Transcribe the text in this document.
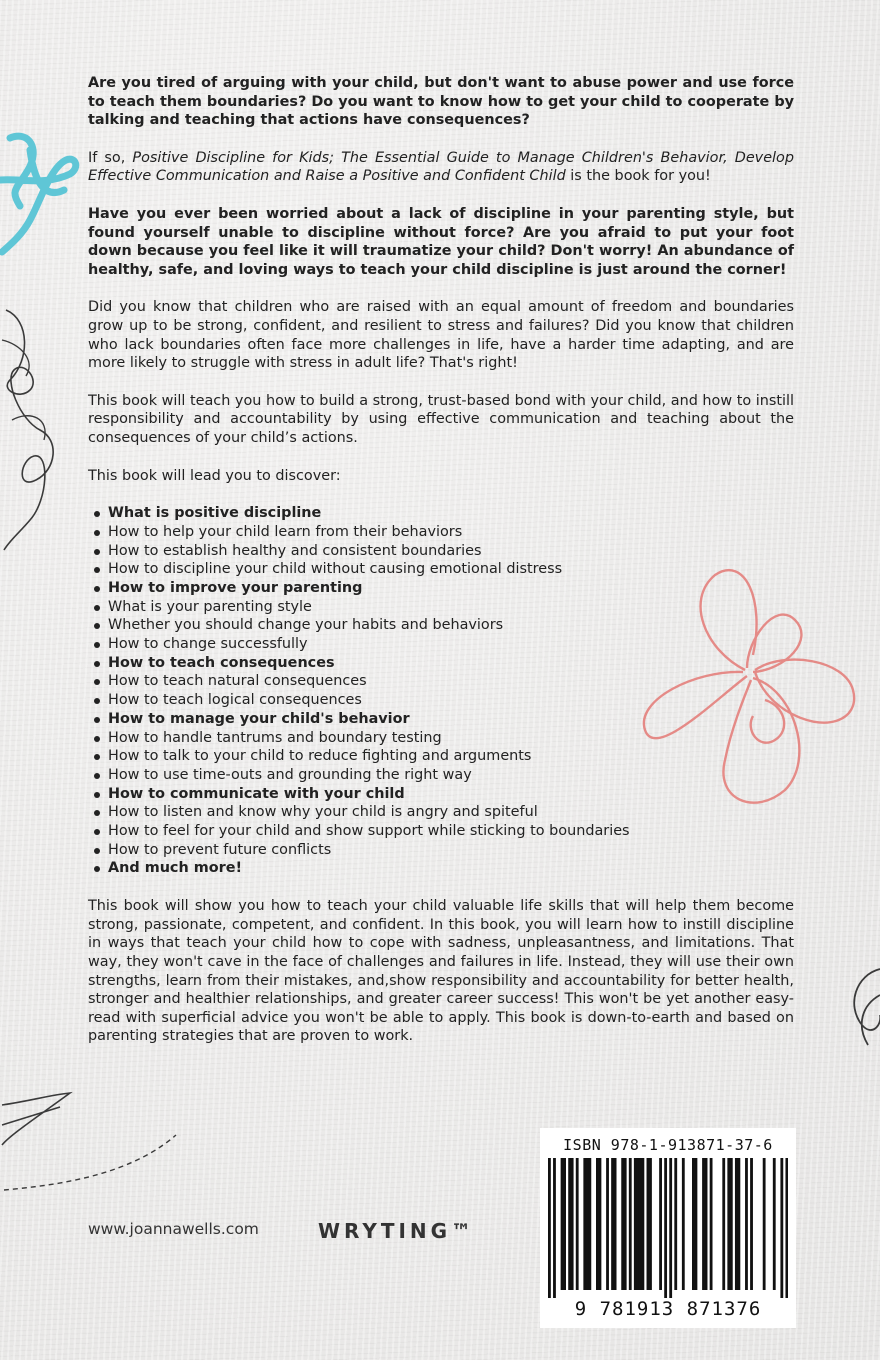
Are you tired of arguing with your child, but don't want to abuse power and use force to teach them boundaries? Do you want to know how to get your child to cooperate by talking and teaching that actions have consequences?

If so, Positive Discipline for Kids; The Essential Guide to Manage Children's Behavior, Develop Effective Communication and Raise a Positive and Confident Child is the book for you!

Have you ever been worried about a lack of discipline in your parenting style, but found yourself unable to discipline without force? Are you afraid to put your foot down because you feel like it will traumatize your child? Don't worry! An abundance of healthy, safe, and loving ways to teach your child discipline is just around the corner!

Did you know that children who are raised with an equal amount of freedom and boundaries grow up to be strong, confident, and resilient to stress and failures? Did you know that children who lack boundaries often face more challenges in life, have a harder time adapting, and are more likely to struggle with stress in adult life? That's right!

This book will teach you how to build a strong, trust-based bond with your child, and how to instill responsibility and accountability by using effective communication and teaching about the consequences of your child’s actions.

This book will lead you to discover:

What is positive discipline
How to help your child learn from their behaviors
How to establish healthy and consistent boundaries
How to discipline your child without causing emotional distress
How to improve your parenting
What is your parenting style
Whether you should change your habits and behaviors
How to change successfully
How to teach consequences
How to teach natural consequences
How to teach logical consequences
How to manage your child's behavior
How to handle tantrums and boundary testing
How to talk to your child to reduce fighting and arguments
How to use time-outs and grounding the right way
How to communicate with your child
How to listen and know why your child is angry and spiteful
How to feel for your child and show support while sticking to boundaries
How to prevent future conflicts
And much more!

This book will show you how to teach your child valuable life skills that will help them become strong, passionate, competent, and confident. In this book, you will learn how to instill discipline in ways that teach your child how to cope with sadness, unpleasantness, and limitations. That way, they won't cave in the face of challenges and failures in life. Instead, they will use their own strengths, learn from their mistakes, and,show responsibility and accountability for better health, stronger and healthier relationships, and greater career success! This won't be yet another easy-read with superficial advice you won't be able to apply. This book is down-to-earth and based on parenting strategies that are proven to work.

www.joannawells.com	WRYTING™
ISBN 978-1-913871-37-6
9 781913 871376
